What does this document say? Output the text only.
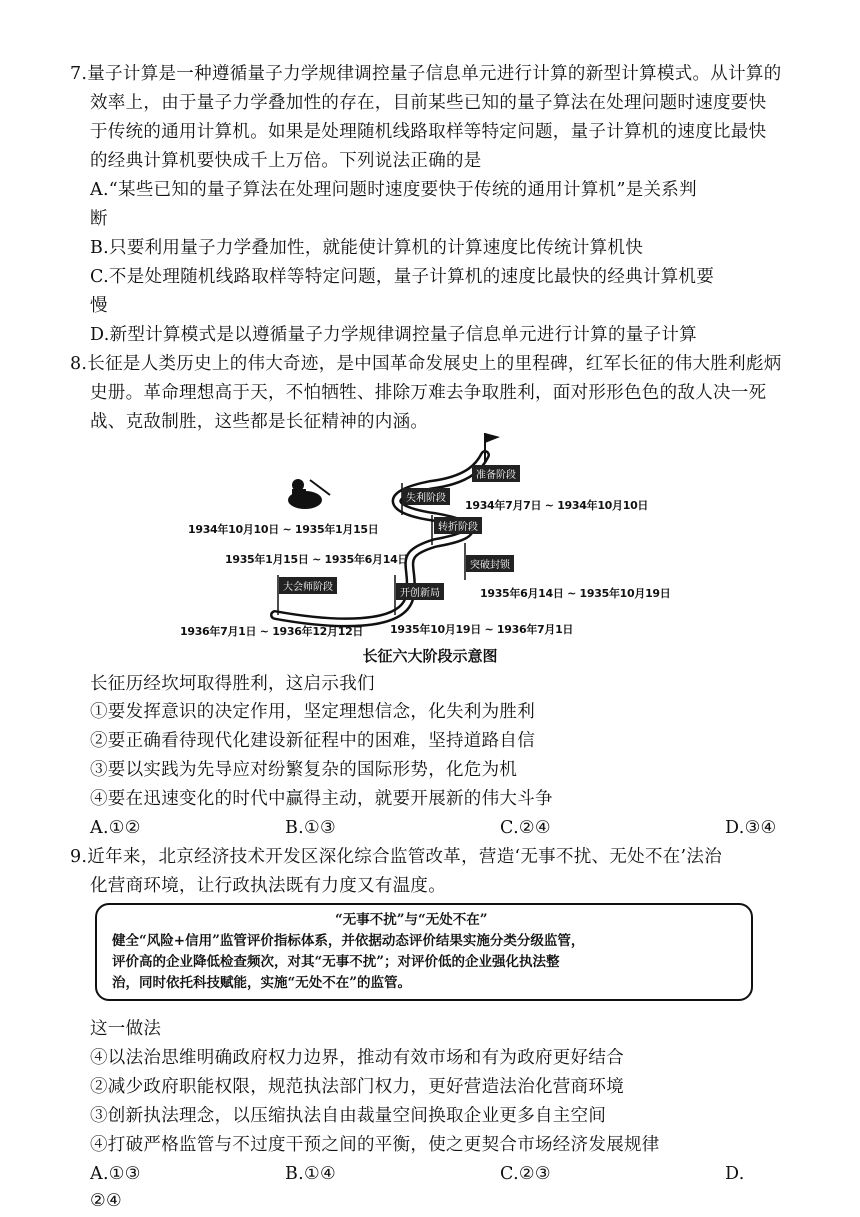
7.量子计算是一种遵循量子力学规律调控量子信息单元进行计算的新型计算模式。从计算的
效率上，由于量子力学叠加性的存在，目前某些已知的量子算法在处理问题时速度要快
于传统的通用计算机。如果是处理随机线路取样等特定问题，量子计算机的速度比最快
的经典计算机要快成千上万倍。下列说法正确的是
A.“某些已知的量子算法在处理问题时速度要快于传统的通用计算机”是关系判
断
B.只要利用量子力学叠加性，就能使计算机的计算速度比传统计算机快
C.不是处理随机线路取样等特定问题，量子计算机的速度比最快的经典计算机要
慢
D.新型计算模式是以遵循量子力学规律调控量子信息单元进行计算的量子计算
8.长征是人类历史上的伟大奇迹，是中国革命发展史上的里程碑，红军长征的伟大胜利彪炳
史册。革命理想高于天，不怕牺牲、排除万难去争取胜利，面对形形色色的敌人决一死
战、克敌制胜，这些都是长征精神的内涵。
准备阶段
1934年7月7日 ~ 1934年10月10日
失利阶段
1934年10月10日 ~ 1935年1月15日	转折阶段
1935年1月15日 ~ 1935年6月14日	突破封锁
1935年6月14日 ~ 1935年10月19日
开创新局
1935年10月19日 ~ 1936年7月1日
大会师阶段
1936年7月1日 ~ 1936年12月12日
长征六大阶段示意图
长征历经坎坷取得胜利，这启示我们
①要发挥意识的决定作用，坚定理想信念，化失利为胜利
②要正确看待现代化建设新征程中的困难，坚持道路自信
③要以实践为先导应对纷繁复杂的国际形势，化危为机
④要在迅速变化的时代中赢得主动，就要开展新的伟大斗争
A.①②	B.①③	C.②④	D.③④
9.近年来，北京经济技术开发区深化综合监管改革，营造‘无事不扰、无处不在’法治
化营商环境，让行政执法既有力度又有温度。
“无事不扰”与“无处不在”
健全“风险+信用”监管评价指标体系，并依据动态评价结果实施分类分级监管，
评价高的企业降低检查频次，对其“无事不扰”；对评价低的企业强化执法整
治，同时依托科技赋能，实施“无处不在”的监管。
这一做法
④以法治思维明确政府权力边界，推动有效市场和有为政府更好结合
②减少政府职能权限，规范执法部门权力，更好营造法治化营商环境
③创新执法理念，以压缩执法自由裁量空间换取企业更多自主空间
④打破严格监管与不过度干预之间的平衡，使之更契合市场经济发展规律
A.①③	B.①④	C.②③	D.
②④
